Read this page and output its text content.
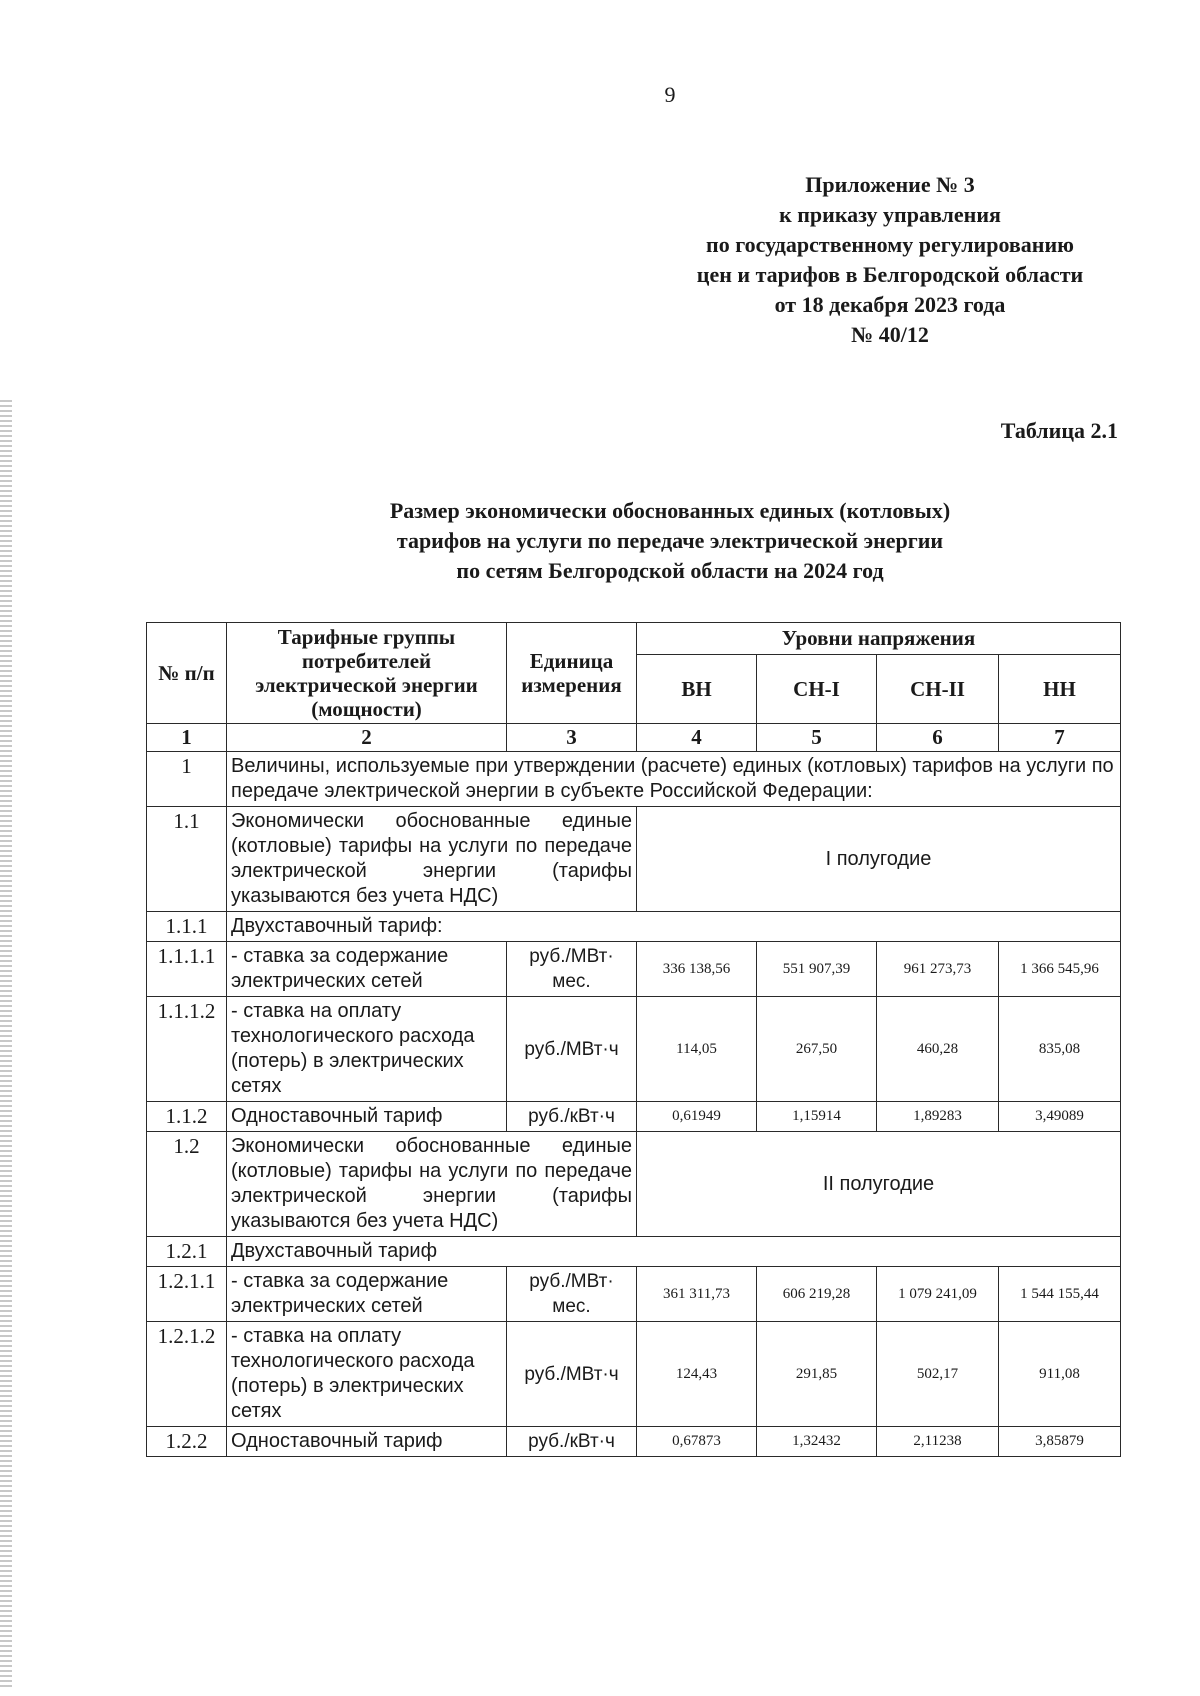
9
Приложение № 3
к приказу управления
по государственному регулированию
цен и тарифов в Белгородской области
от 18 декабря 2023 года
№ 40/12
Таблица 2.1
Размер экономически обоснованных единых (котловых)
тарифов на услуги по передаче электрической энергии
по сетям Белгородской области на 2024 год
№ п/п	Тарифные группы потребителей электрической энергии (мощности)	Единица измерения	Уровни напряжения			
			ВН	СН-I	СН-II	НН
1	2	3	4	5	6	7
1	Величины, используемые при утверждении (расчете) единых (котловых) тарифов на услуги по передаче электрической энергии в субъекте Российской Федерации:					
1.1	Экономически обоснованные единые (котловые) тарифы на услуги по передаче электрической энергии (тарифы указываются без учета НДС)		I полугодие			
1.1.1	Двухставочный тариф:					
1.1.1.1	- ставка за содержание электрических сетей	руб./МВт· мес.	336 138,56	551 907,39	961 273,73	1 366 545,96
1.1.1.2	- ставка на оплату технологического расхода (потерь) в электрических сетях	руб./МВт·ч	114,05	267,50	460,28	835,08
1.1.2	Одноставочный тариф	руб./кВт·ч	0,61949	1,15914	1,89283	3,49089
1.2	Экономически обоснованные единые (котловые) тарифы на услуги по передаче электрической энергии (тарифы указываются без учета НДС)		II полугодие			
1.2.1	Двухставочный тариф					
1.2.1.1	- ставка за содержание электрических сетей	руб./МВт· мес.	361 311,73	606 219,28	1 079 241,09	1 544 155,44
1.2.1.2	- ставка на оплату технологического расхода (потерь) в электрических сетях	руб./МВт·ч	124,43	291,85	502,17	911,08
1.2.2	Одноставочный тариф	руб./кВт·ч	0,67873	1,32432	2,11238	3,85879
